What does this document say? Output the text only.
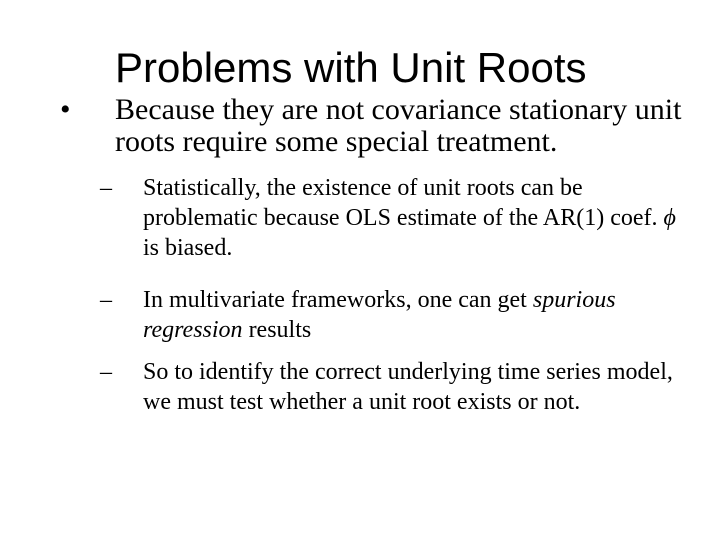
Problems with Unit Roots
• Because they are not covariance stationary unit roots require some special treatment.
–	Statistically, the existence of unit roots can be problematic because OLS estimate of the AR(1) coef. ϕ is biased.
–	In multivariate frameworks, one can get spurious regression results
–	So to identify the correct underlying time series model, we must test whether a unit root exists or not.
